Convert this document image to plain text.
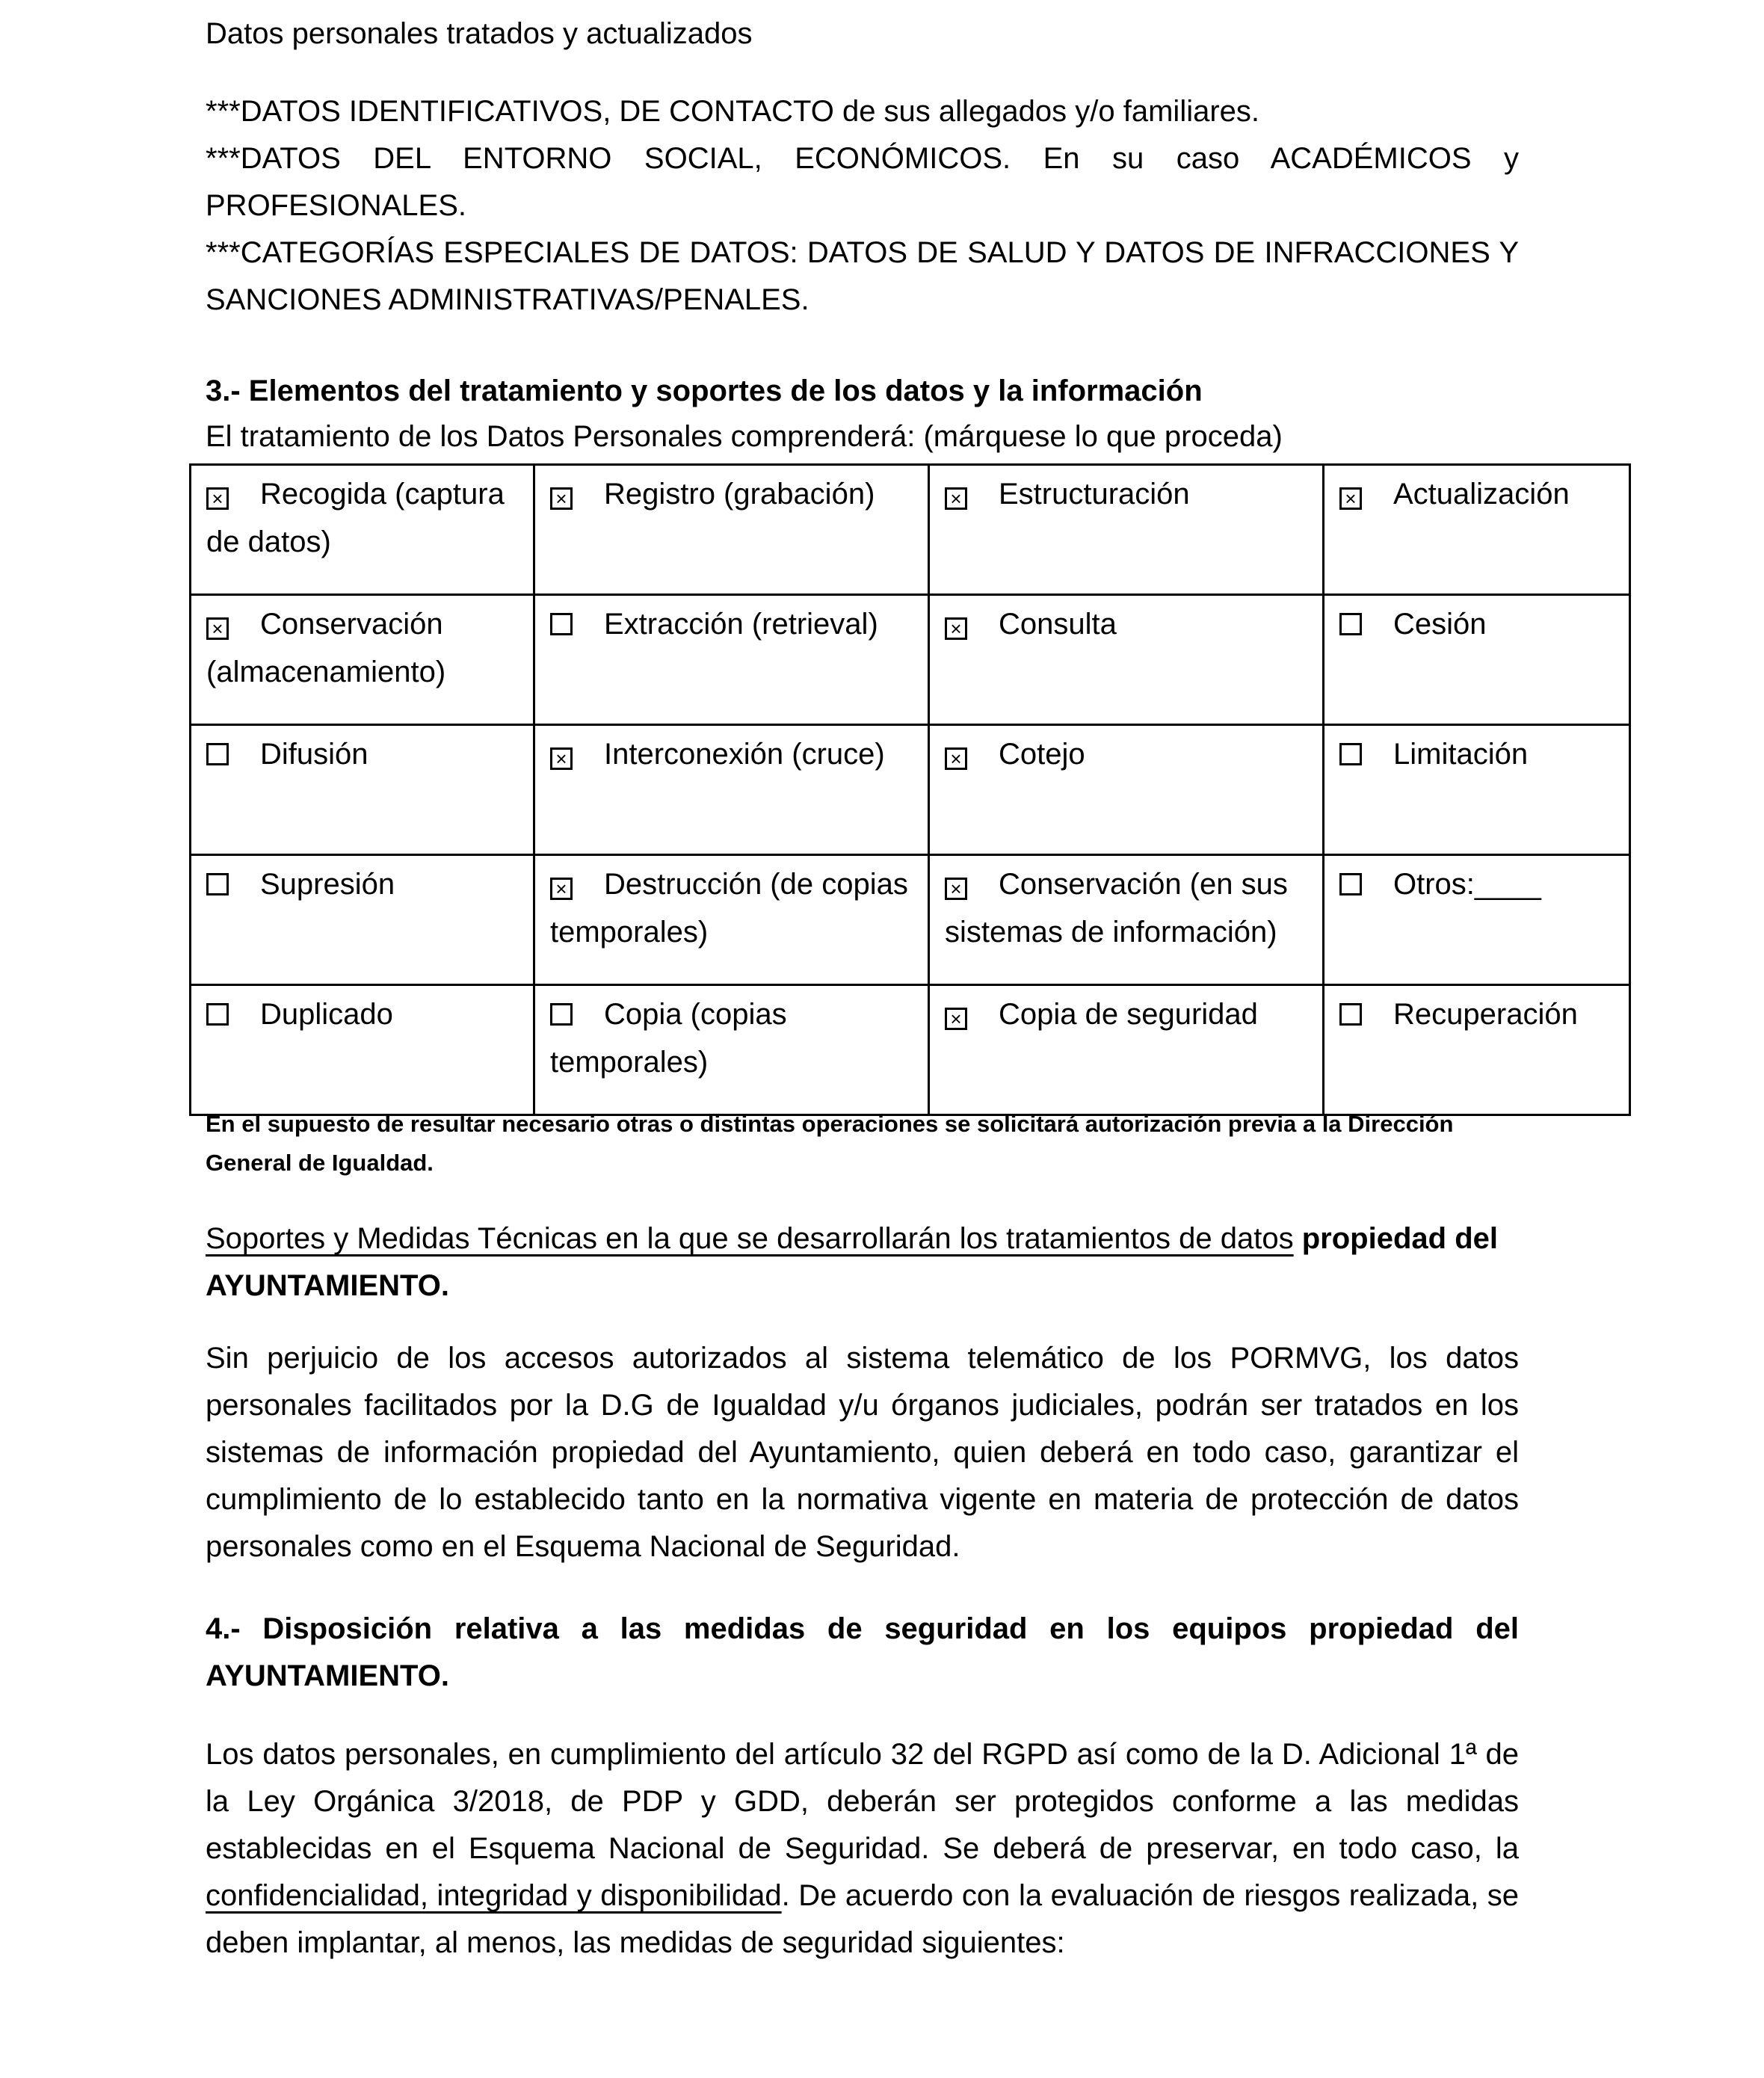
Datos personales tratados y actualizados

***DATOS IDENTIFICATIVOS, DE CONTACTO de sus allegados y/o familiares.

***DATOS DEL ENTORNO SOCIAL, ECONÓMICOS. En su caso ACADÉMICOS y PROFESIONALES.

***CATEGORÍAS ESPECIALES DE DATOS: DATOS DE SALUD Y DATOS DE INFRACCIONES Y SANCIONES ADMINISTRATIVAS/PENALES.

3.- Elementos del tratamiento y soportes de los datos y la información

El tratamiento de los Datos Personales comprenderá: (márquese lo que proceda)

× Recogida (captura de datos)	× Registro (grabación)	× Estructuración	× Actualización
× Conservación (almacenamiento)	Extracción (retrieval)	× Consulta	Cesión
Difusión	× Interconexión (cruce)	× Cotejo	Limitación
Supresión	× Destrucción (de copias temporales)	× Conservación (en sus sistemas de información)	Otros:____
Duplicado	Copia (copias temporales)	× Copia de seguridad	Recuperación

En el supuesto de resultar necesario otras o distintas operaciones se solicitará autorización previa a la Dirección General de Igualdad.

Soportes y Medidas Técnicas en la que se desarrollarán los tratamientos de datos propiedad del AYUNTAMIENTO.

Sin perjuicio de los accesos autorizados al sistema telemático de los PORMVG, los datos personales facilitados por la D.G de Igualdad y/u órganos judiciales, podrán ser tratados en los sistemas de información propiedad del Ayuntamiento, quien deberá en todo caso, garantizar el cumplimiento de lo establecido tanto en la normativa vigente en materia de protección de datos personales como en el Esquema Nacional de Seguridad.

4.- Disposición relativa a las medidas de seguridad en los equipos propiedad del AYUNTAMIENTO.

Los datos personales, en cumplimiento del artículo 32 del RGPD así como de la D. Adicional 1ª de la Ley Orgánica 3/2018, de PDP y GDD, deberán ser protegidos conforme a las medidas establecidas en el Esquema Nacional de Seguridad. Se deberá de preservar, en todo caso, la confidencialidad, integridad y disponibilidad. De acuerdo con la evaluación de riesgos realizada, se deben implantar, al menos, las medidas de seguridad siguientes:
